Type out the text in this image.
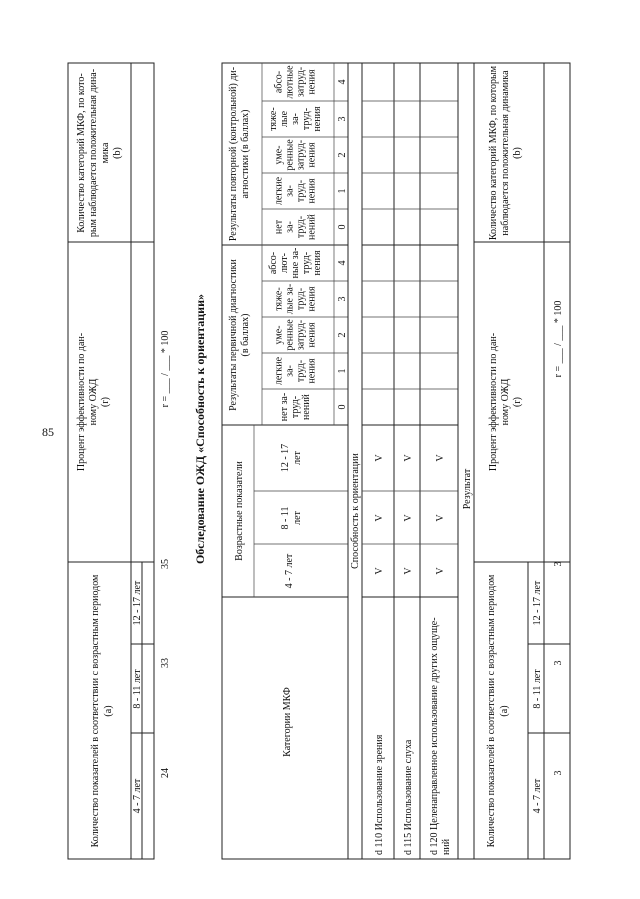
85
Количество показателей в соответствии с возрастным периодом (a)
Процент эффективности по дан- ному ОЖД (r)
Количество категорий МКФ, по кото- рым наблюдается положительная дина- мика (b)
4 - 7 лет
8 - 11 лет
12 - 17 лет
24
33
35
r = ___ / ___ * 100 Обследование ОЖД «Способность к ориентации»
Категории МКФ
Возрастные показатели
4 - 7 лет
8 - 11 лет
12 - 17 лет
Результаты первичной диагностики (в баллах)
Результаты повторной (контрольной) ди- агностики (в баллах)
нет за- труд- нений	0
легкие за- труд- нения 1
уме- ренные затруд- нения 2
тяже- лые за- труд- нения 3
абсо- лют- ные за- труд- нения 4
нет за- труд- нений 0
легкие за- труд- нения 1
уме- ренные затруд- нения 2
тяже- лые за- труд- нения 3
абсо- лютные затруд- нения 4
Способность к ориентации
d 110 Использование зрения
V
V
V
d 115 Использование слуха
V
V
V
d 120 Целенаправленное использование других ощуще- ний
V
V
V
Результат
Количество показателей в соответствии с возрастным периодом (a)
Процент эффективности по дан- ному ОЖД (r)
Количество категорий МКФ, по которым наблюдается положительная динамика (b)
4 - 7 лет
8 - 11 лет
12 - 17 лет
3
3
3
r = ___ / ___ * 100
